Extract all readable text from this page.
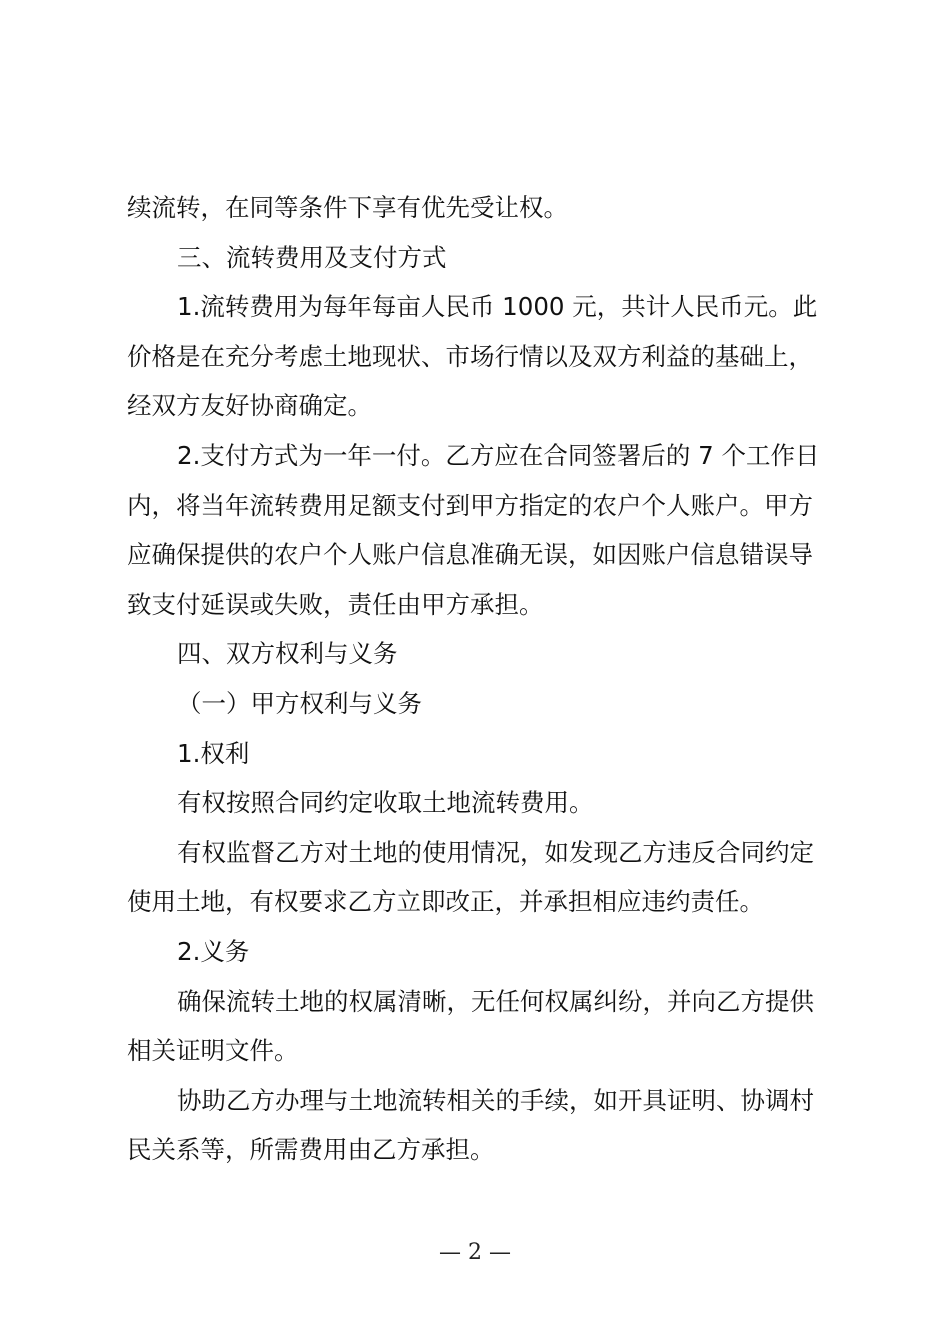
续流转，在同等条件下享有优先受让权。

三、流转费用及支付方式

1.流转费用为每年每亩人民币 1000 元，共计人民币元。此价格是在充分考虑土地现状、市场行情以及双方利益的基础上，经双方友好协商确定。

2.支付方式为一年一付。乙方应在合同签署后的 7 个工作日内，将当年流转费用足额支付到甲方指定的农户个人账户。甲方应确保提供的农户个人账户信息准确无误，如因账户信息错误导致支付延误或失败，责任由甲方承担。

四、双方权利与义务

（一）甲方权利与义务

1.权利

有权按照合同约定收取土地流转费用。

有权监督乙方对土地的使用情况，如发现乙方违反合同约定使用土地，有权要求乙方立即改正，并承担相应违约责任。

2.义务

确保流转土地的权属清晰，无任何权属纠纷，并向乙方提供相关证明文件。

协助乙方办理与土地流转相关的手续，如开具证明、协调村民关系等，所需费用由乙方承担。

— 2 —
